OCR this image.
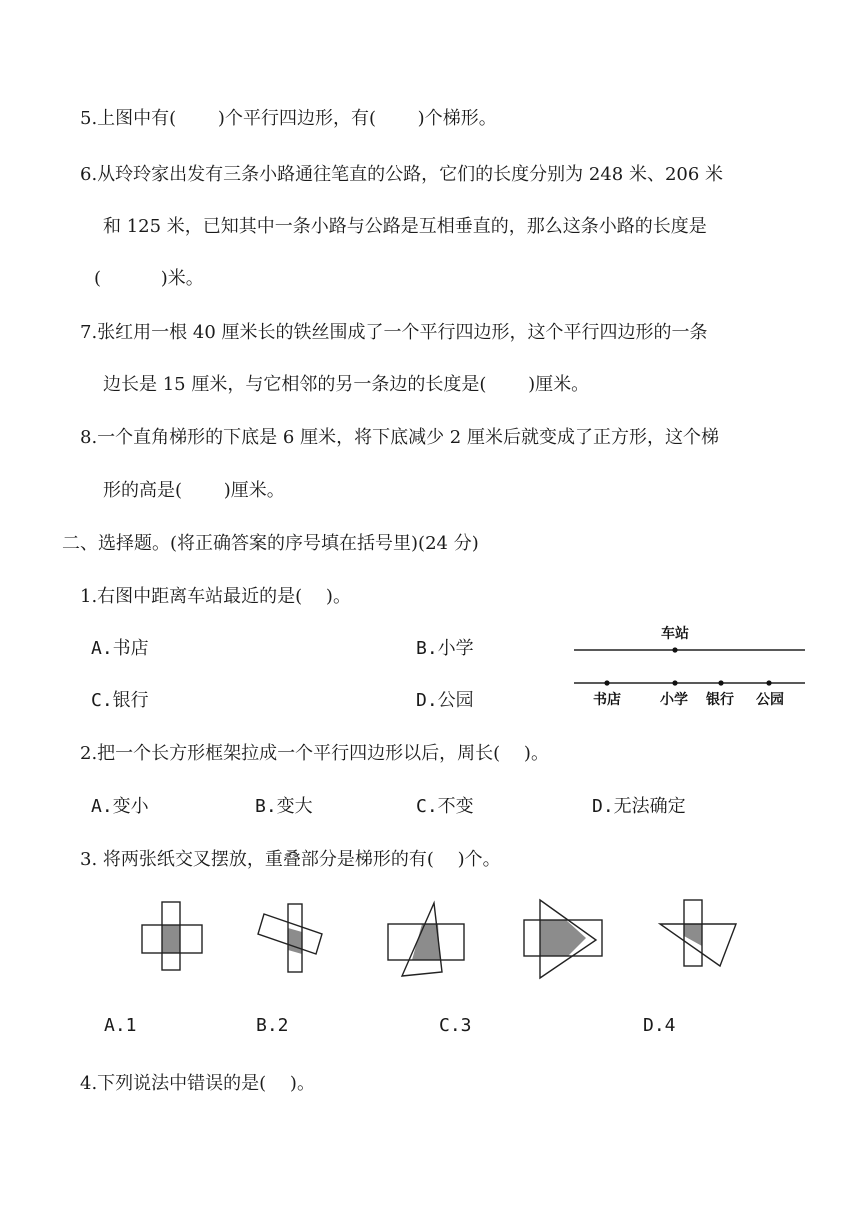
5.上图中有(　　 )个平行四边形，有(　　 )个梯形。
6.从玲玲家出发有三条小路通往笔直的公路，它们的长度分别为 248 米、206 米
和 125 米，已知其中一条小路与公路是互相垂直的，那么这条小路的长度是
(　　　 )米。
7.张红用一根 40 厘米长的铁丝围成了一个平行四边形，这个平行四边形的一条
边长是 15 厘米，与它相邻的另一条边的长度是(　　 )厘米。
8.一个直角梯形的下底是 6 厘米，将下底减少 2 厘米后就变成了正方形，这个梯
形的高是(　　 )厘米。
二、选择题。(将正确答案的序号填在括号里)(24 分)
1.右图中距离车站最近的是(　 )。
A.书店	B.小学
C.银行	D.公园
车站
书店	小学 银行 公园
2.把一个长方形框架拉成一个平行四边形以后，周长(　 )。
A.变小	B.变大	C.不变	D.无法确定
3. 将两张纸交叉摆放，重叠部分是梯形的有(　 )个。
A.1	B.2	C.3	D.4
4.下列说法中错误的是(　 )。
